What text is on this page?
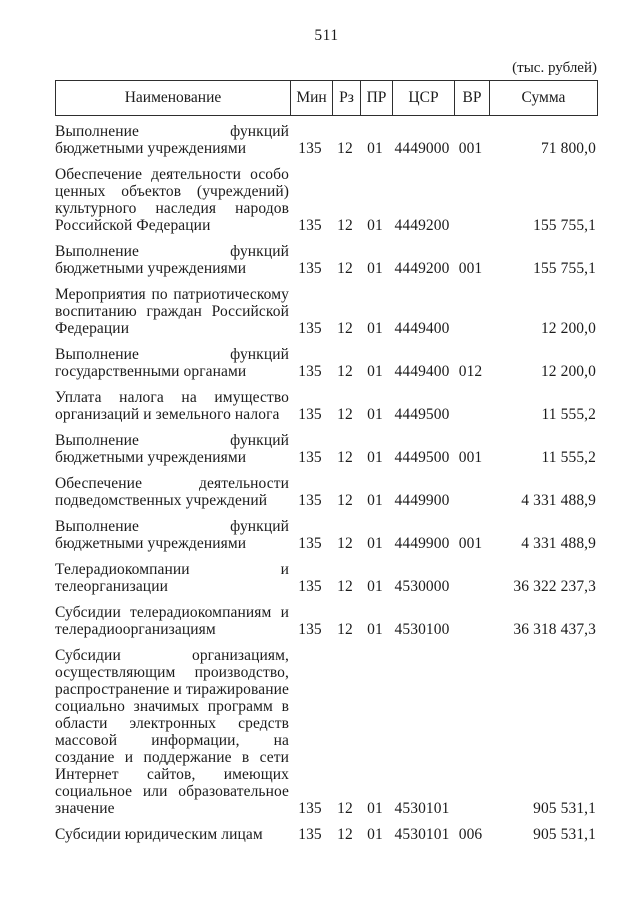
511
(тыс. рублей)
Наименование	Мин Рз ПР	ЦСР	ВР	Сумма
Выполнение функций бюджетными учреждениями	135 12 01 4449000 001	71 800,0
Обеспечение деятельности особо ценных объектов (учреждений) культурного наследия народов Российской Федерации	135 12 01 4449200	155 755,1
Выполнение функций бюджетными учреждениями	135 12 01 4449200 001	155 755,1
Мероприятия по патриотическому воспитанию граждан Российской Федерации	135 12 01 4449400	12 200,0
Выполнение функций государственными органами	135 12 01 4449400 012	12 200,0
Уплата налога на имущество организаций и земельного налога	135 12 01 4449500	11 555,2
Выполнение функций бюджетными учреждениями	135 12 01 4449500 001	11 555,2
Обеспечение деятельности подведомственных учреждений	135 12 01 4449900	4 331 488,9
Выполнение функций бюджетными учреждениями	135 12 01 4449900 001	4 331 488,9
Телерадиокомпании и телеорганизации	135 12 01 4530000	36 322 237,3
Субсидии телерадиокомпаниям и телерадиоорганизациям	135 12 01 4530100	36 318 437,3
Субсидии организациям, осуществляющим производство, распространение и тиражирование социально значимых программ в области электронных средств массовой информации, на создание и поддержание в сети Интернет сайтов, имеющих социальное или образовательное значение	135 12 01 4530101	905 531,1
Субсидии юридическим лицам	135 12 01 4530101 006	905 531,1
